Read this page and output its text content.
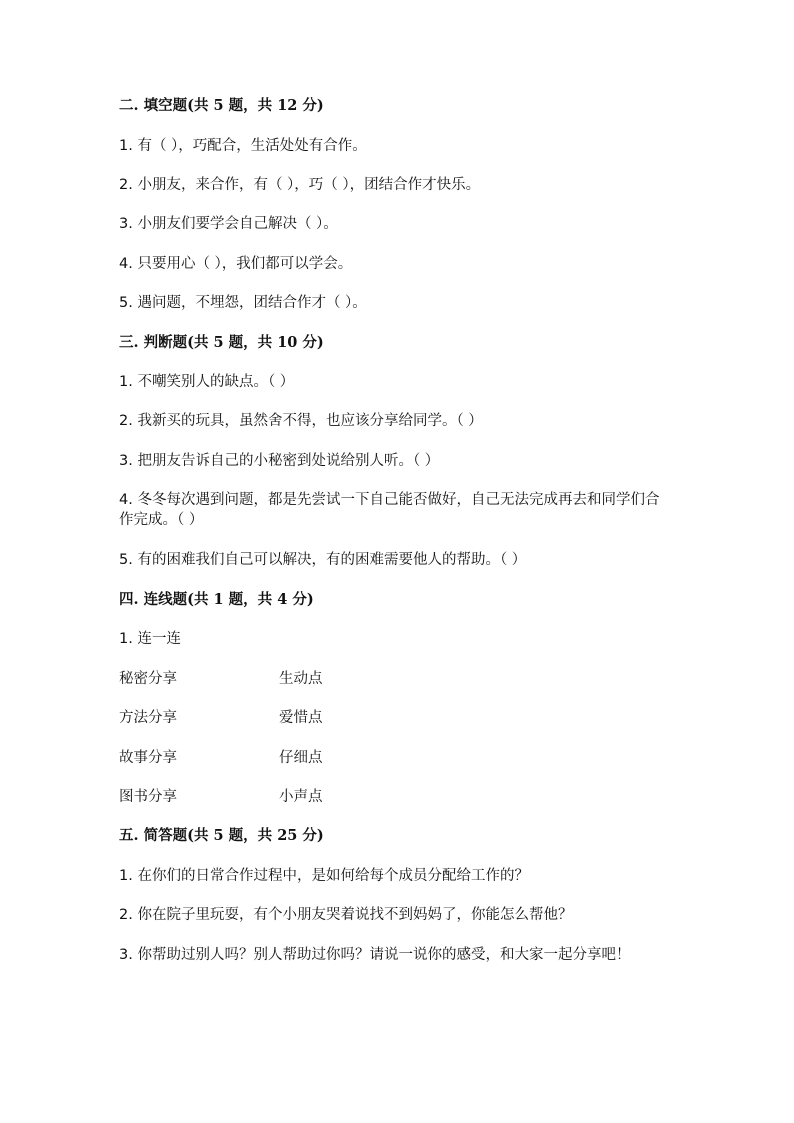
二. 填空题(共 5 题，共 12 分)
1. 有（ ），巧配合，生活处处有合作。
2. 小朋友，来合作，有（ ），巧（ ），团结合作才快乐。
3. 小朋友们要学会自己解决（ ）。
4. 只要用心（ ），我们都可以学会。
5. 遇问题，不埋怨，团结合作才（ ）。
三. 判断题(共 5 题，共 10 分)
1. 不嘲笑别人的缺点。（ ）
2. 我新买的玩具，虽然舍不得，也应该分享给同学。（ ）
3. 把朋友告诉自己的小秘密到处说给别人听。（ ）
4. 冬冬每次遇到问题，都是先尝试一下自己能否做好，自己无法完成再去和同学们合作完成。（ ）
5. 有的困难我们自己可以解决，有的困难需要他人的帮助。（ ）
四. 连线题(共 1 题，共 4 分)
1. 连一连
秘密分享	生动点
方法分享	爱惜点
故事分享	仔细点
图书分享	小声点
五. 简答题(共 5 题，共 25 分)
1. 在你们的日常合作过程中，是如何给每个成员分配给工作的？
2. 你在院子里玩耍，有个小朋友哭着说找不到妈妈了，你能怎么帮他？
3. 你帮助过别人吗？别人帮助过你吗？请说一说你的感受，和大家一起分享吧！
